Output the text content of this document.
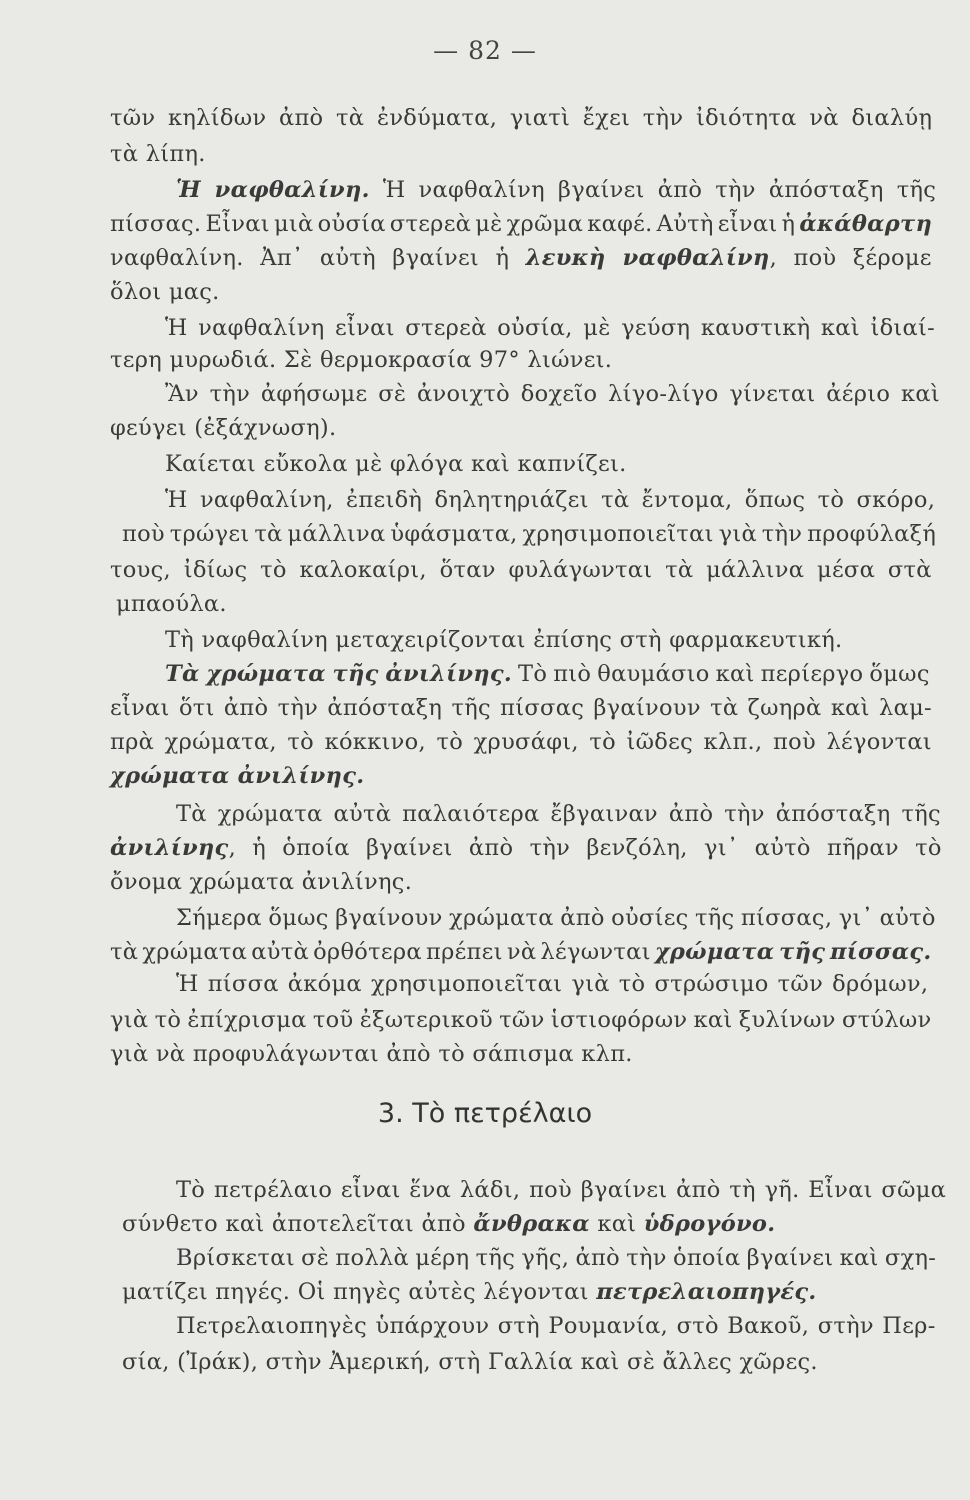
— 82 —
τῶν κηλίδων ἀπὸ τὰ ἐνδύματα, γιατὶ ἔχει τὴν ἰδιότητα νὰ διαλύῃ
τὰ λίπη.
Ἡ ναφθαλίνη. Ἡ ναφθαλίνη βγαίνει ἀπὸ τὴν ἀπόσταξη τῆς
πίσσας. Εἶναι μιὰ οὐσία στερεὰ μὲ χρῶμα καφέ. Αὐτὴ εἶναι ἡ ἀκάθαρτη
ναφθαλίνη. Ἀπ᾽ αὐτὴ βγαίνει ἡ λευκὴ ναφθαλίνη, ποὺ ξέρομε
ὅλοι μας.
Ἡ ναφθαλίνη εἶναι στερεὰ οὐσία, μὲ γεύση καυστικὴ καὶ ἰδιαί-
τερη μυρωδιά. Σὲ θερμοκρασία 97° λιώνει.
Ἂν τὴν ἀφήσωμε σὲ ἀνοιχτὸ δοχεῖο λίγο-λίγο γίνεται ἀέριο καὶ
φεύγει (ἐξάχνωση).
Καίεται εὔκολα μὲ φλόγα καὶ καπνίζει.
Ἡ ναφθαλίνη, ἐπειδὴ δηλητηριάζει τὰ ἔντομα, ὅπως τὸ σκόρο,
ποὺ τρώγει τὰ μάλλινα ὑφάσματα, χρησιμοποιεῖται γιὰ τὴν προφύλαξή
τους, ἰδίως τὸ καλοκαίρι, ὅταν φυλάγωνται τὰ μάλλινα μέσα στὰ
μπαούλα.
Τὴ ναφθαλίνη μεταχειρίζονται ἐπίσης στὴ φαρμακευτική.
Τὰ χρώματα τῆς ἀνιλίνης. Τὸ πιὸ θαυμάσιο καὶ περίεργο ὅμως
εἶναι ὅτι ἀπὸ τὴν ἀπόσταξη τῆς πίσσας βγαίνουν τὰ ζωηρὰ καὶ λαμ-
πρὰ χρώματα, τὸ κόκκινο, τὸ χρυσάφι, τὸ ἰῶδες κλπ., ποὺ λέγονται
χρώματα ἀνιλίνης.
Τὰ χρώματα αὐτὰ παλαιότερα ἔβγαιναν ἀπὸ τὴν ἀπόσταξη τῆς
ἀνιλίνης, ἡ ὁποία βγαίνει ἀπὸ τὴν βενζόλη, γι᾽ αὐτὸ πῆραν τὸ
ὄνομα χρώματα ἀνιλίνης.
Σήμερα ὅμως βγαίνουν χρώματα ἀπὸ οὐσίες τῆς πίσσας, γι᾽ αὐτὸ
τὰ χρώματα αὐτὰ ὀρθότερα πρέπει νὰ λέγωνται χρώματα τῆς πίσσας.
Ἡ πίσσα ἀκόμα χρησιμοποιεῖται γιὰ τὸ στρώσιμο τῶν δρόμων,
γιὰ τὸ ἐπίχρισμα τοῦ ἐξωτερικοῦ τῶν ἱστιοφόρων καὶ ξυλίνων στύλων
γιὰ νὰ προφυλάγωνται ἀπὸ τὸ σάπισμα κλπ.
Τὸ πετρέλαιο εἶναι ἕνα λάδι, ποὺ βγαίνει ἀπὸ τὴ γῆ. Εἶναι σῶμα
σύνθετο καὶ ἀποτελεῖται ἀπὸ ἄνθρακα καὶ ὑδρογόνο.
Βρίσκεται σὲ πολλὰ μέρη τῆς γῆς, ἀπὸ τὴν ὁποία βγαίνει καὶ σχη-
ματίζει πηγές. Οἱ πηγὲς αὐτὲς λέγονται πετρελαιοπηγές.
Πετρελαιοπηγὲς ὑπάρχουν στὴ Ρουμανία, στὸ Βακοῦ, στὴν Περ-
σία, (Ἰράκ), στὴν Ἀμερική, στὴ Γαλλία καὶ σὲ ἄλλες χῶρες.
3. Τὸ πετρέλαιο
